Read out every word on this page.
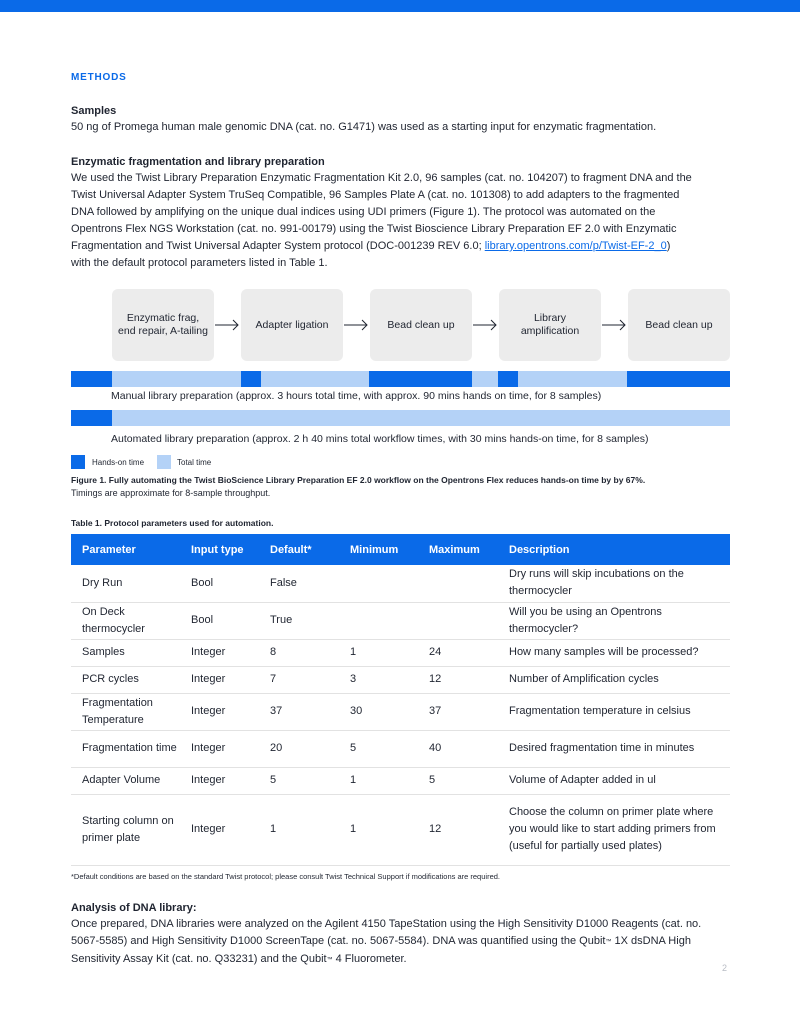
METHODS
Samples
50 ng of Promega human male genomic DNA (cat. no. G1471) was used as a starting input for enzymatic fragmentation.
Enzymatic fragmentation and library preparation
We used the Twist Library Preparation Enzymatic Fragmentation Kit 2.0, 96 samples (cat. no. 104207) to fragment DNA and the
Twist Universal Adapter System TruSeq Compatible, 96 Samples Plate A (cat. no. 101308) to add adapters to the fragmented
DNA followed by amplifying on the unique dual indices using UDI primers (Figure 1). The protocol was automated on the
Opentrons Flex NGS Workstation (cat. no. 991-00179) using the Twist Bioscience Library Preparation EF 2.0 with Enzymatic
Fragmentation and Twist Universal Adapter System protocol (DOC-001239 REV 6.0; library.opentrons.com/p/Twist-EF-2_0)
with the default protocol parameters listed in Table 1.
Enzymatic frag, end repair, A-tailing
Adapter ligation	Bead clean up
Library amplification
Bead clean up
Manual library preparation (approx. 3 hours total time, with approx. 90 mins hands on time, for 8 samples)
Automated library preparation (approx. 2 h 40 mins total workflow times, with 30 mins hands-on time, for 8 samples)
Hands-on time	Total time
Figure 1. Fully automating the Twist BioScience Library Preparation EF 2.0 workflow on the Opentrons Flex reduces hands-on time by by 67%.
Timings are approximate for 8-sample throughput.
Table 1. Protocol parameters used for automation.
Parameter	Input type	Default*	Minimum	Maximum	Description
Dry Run	Bool	False			Dry runs will skip incubations on the thermocycler
On Deck thermocycler	Bool	True			Will you be using an Opentrons thermocycler?
Samples	Integer	8	1	24	How many samples will be processed?
PCR cycles	Integer	7	3	12	Number of Amplification cycles
Fragmentation Temperature	Integer	37	30	37	Fragmentation temperature in celsius
Fragmentation time	Integer	20	5	40	Desired fragmentation time in minutes
Adapter Volume	Integer	5	1	5	Volume of Adapter added in ul
Starting column on primer plate	Integer	1	1	12	Choose the column on primer plate where you would like to start adding primers from (useful for partially used plates)
*Default conditions are based on the standard Twist protocol; please consult Twist Technical Support if modifications are required.
Analysis of DNA library:
Once prepared, DNA libraries were analyzed on the Agilent 4150 TapeStation using the High Sensitivity D1000 Reagents (cat. no.
5067-5585) and High Sensitivity D1000 ScreenTape (cat. no. 5067-5584). DNA was quantified using the Qubit™ 1X dsDNA High
Sensitivity Assay Kit (cat. no. Q33231) and the Qubit™ 4 Fluorometer.
2
